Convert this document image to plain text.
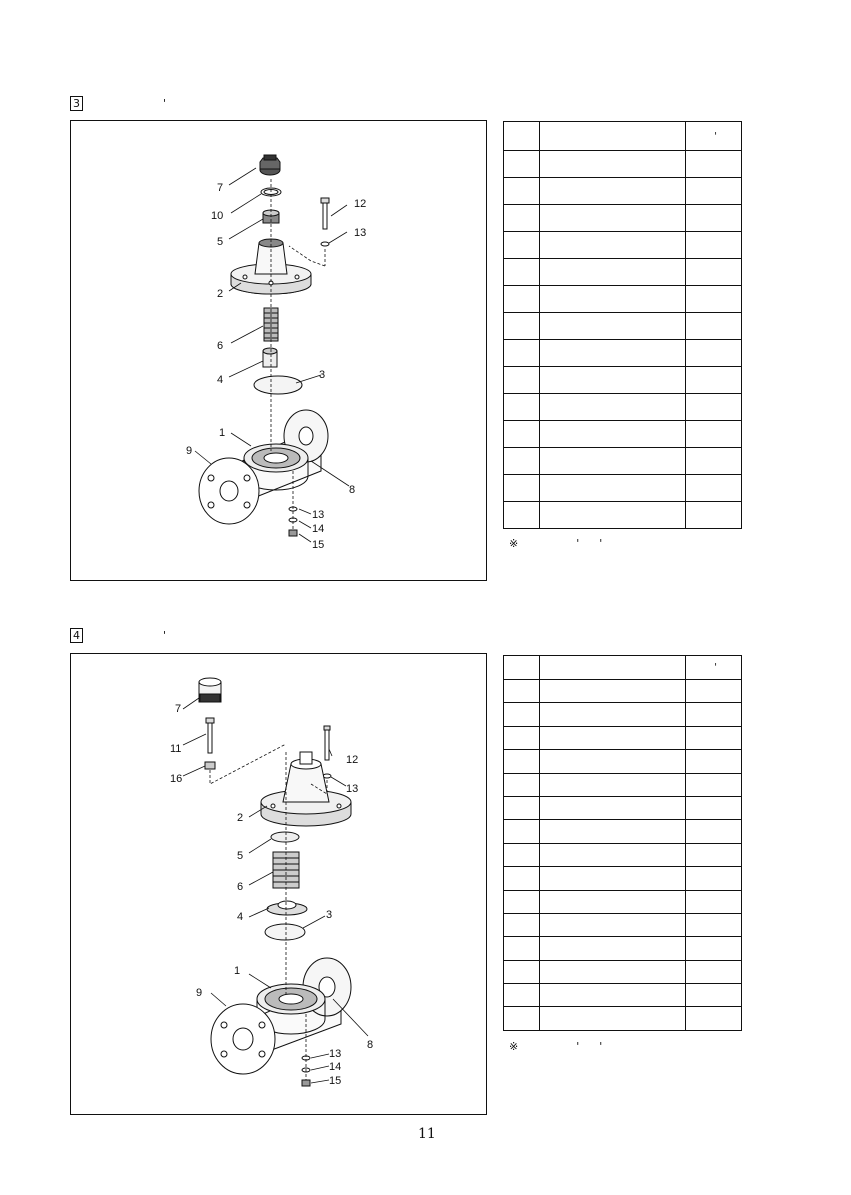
3	'
7
10
5
2
6
4	3
1
9
8
12
13
13
14
15
		'

※	' '
4	'
7
11
16
12
13
2
5
6
4	3
1
9
8
13
14
15
		'

※	' '
11
